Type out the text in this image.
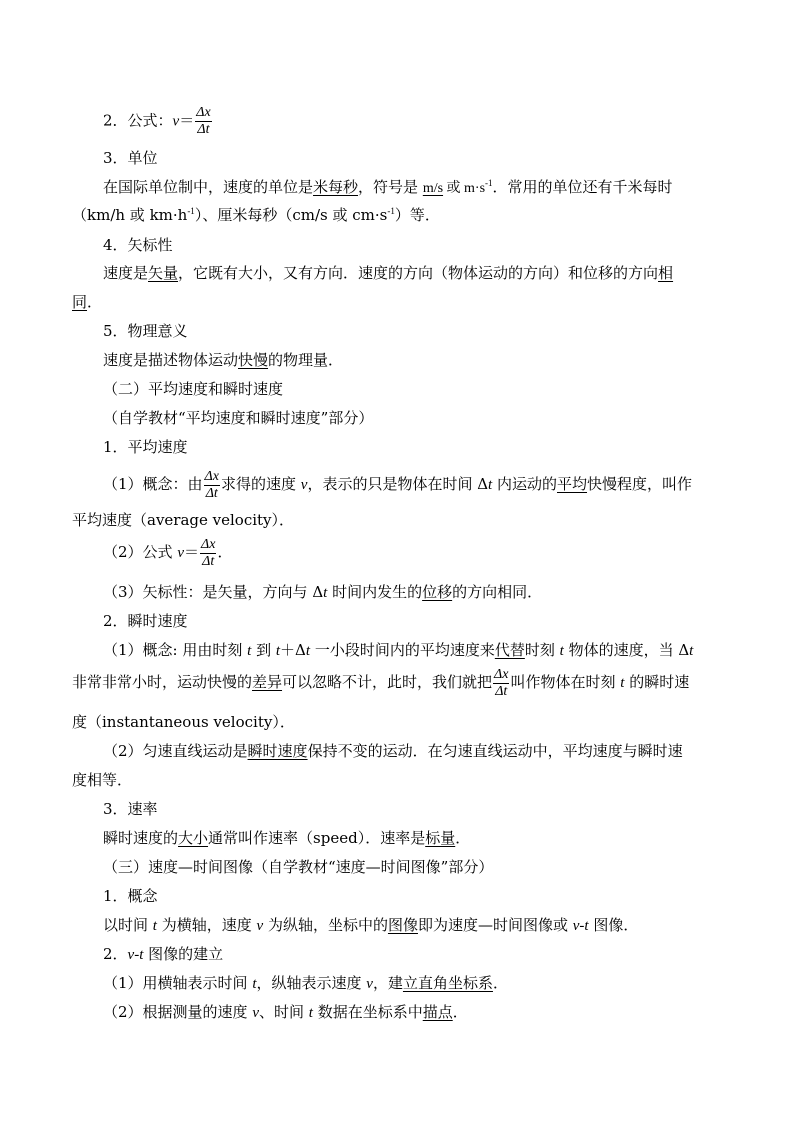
2．公式：$v= \frac{\Delta x}{\Delta t}$
3．单位
在国际单位制中，速度的单位是米每秒，符号是 m/s 或 $m\cdot s^{-1}$．常用的单位还有千米每时
（km/h 或 $km\cdot h^{-1}$）、厘米每秒（cm/s 或 $cm\cdot s^{-1}$）等．
4．矢标性
速度是矢量，它既有大小，又有方向．速度的方向（物体运动的方向）和位移的方向相
同．
5．物理意义
速度是描述物体运动快慢的物理量．
（二）平均速度和瞬时速度
（自学教材“平均速度和瞬时速度”部分）
1．平均速度
（1）概念：由 $\frac{\Delta x}{\Delta t}$ 求得的速度 v，表示的只是物体在时间 Δt 内运动的平均快慢程度，叫作
平均速度（average velocity）．
（2）公式 $v= \frac{\Delta x}{\Delta t}$ ．
（3）矢标性：是矢量，方向与 Δt 时间内发生的位移的方向相同．
2．瞬时速度
（1）概念: 用由时刻 t 到 t＋Δt 一小段时间内的平均速度来代替时刻 t 物体的速度，当 Δt
非常非常小时，运动快慢的差异可以忽略不计，此时，我们就把 $\frac{\Delta x}{\Delta t}$ 叫作物体在时刻 t 的瞬时速
度（instantaneous velocity）．
（2）匀速直线运动是瞬时速度保持不变的运动．在匀速直线运动中，平均速度与瞬时速
度相等．
3．速率
瞬时速度的大小通常叫作速率（speed）．速率是标量．
（三）速度—时间图像（自学教材“速度—时间图像”部分）
1．概念
以时间 t 为横轴，速度 v 为纵轴，坐标中的图像即为速度—时间图像或 v-t 图像．
2．v-t 图像的建立
（1）用横轴表示时间 t，纵轴表示速度 v，建立直角坐标系．
（2）根据测量的速度 v、时间 t 数据在坐标系中描点．
